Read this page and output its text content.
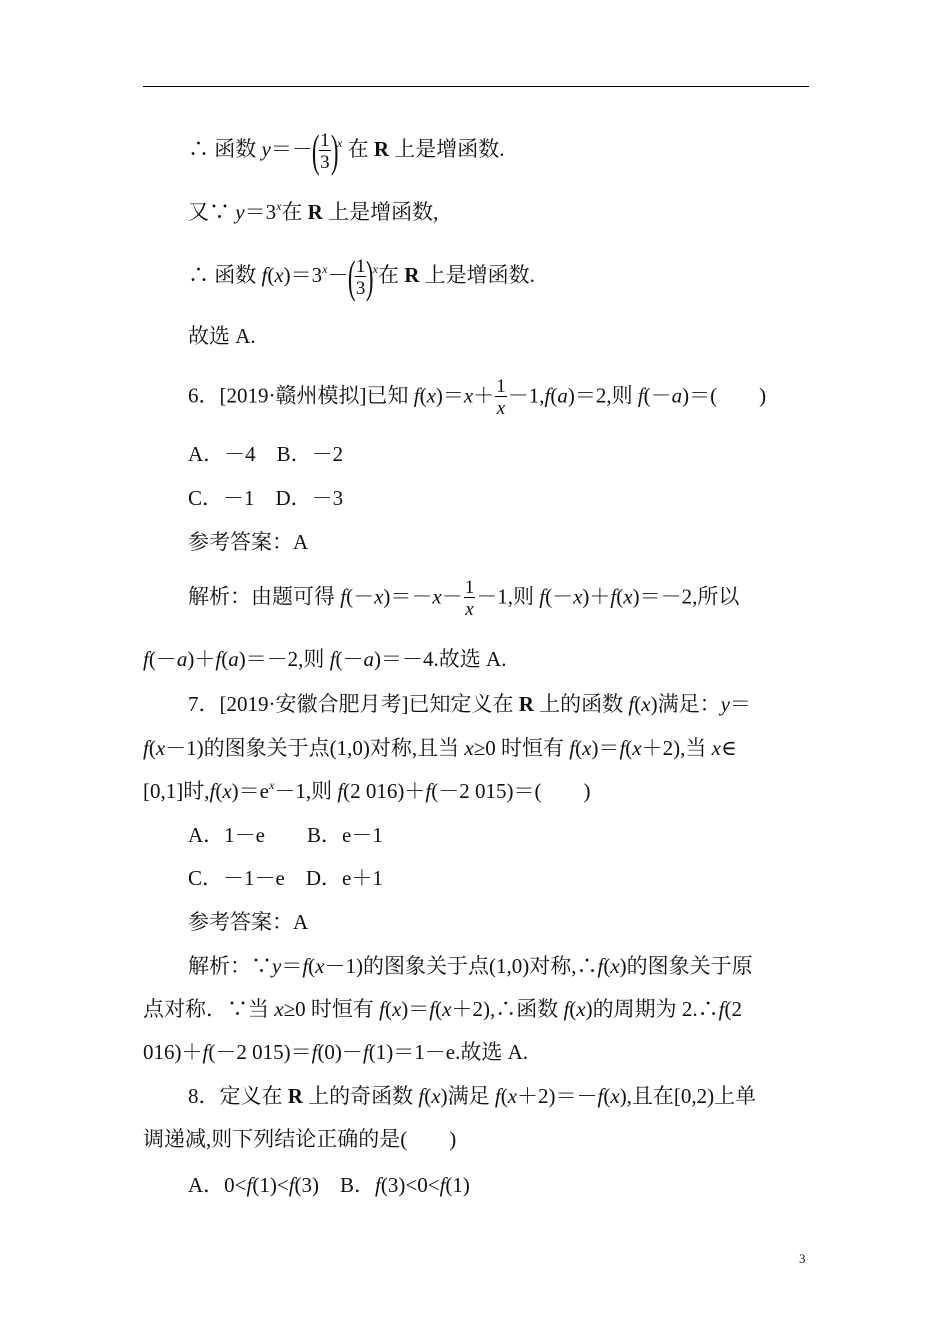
∴ 函数 $y=-( \frac{1}{3} )^x$ 在 R 上是增函数.
又∵ $y=3^x$在 R 上是增函数,
∴ 函数 $f(x)=3^x-( \frac{1}{3} )^x$在 R 上是增函数.
故选 A.
6．[2019·赣州模拟]已知 $f(x)=x+ \frac{1}{x} -1,f(a)=2$,则 f(－a)＝(　　)
A．－4　B．－2
C．－1　D．－3
参考答案：A
解析：由题可得 $f(-x)=-x- \frac{1}{x} -1$,则 f(－x)＋f(x)＝－2,所以
f(－a)＋f(a)＝－2,则 f(－a)＝－4.故选 A.
7．[2019·安徽合肥月考]已知定义在 R 上的函数 f(x)满足：y＝
f(x－1)的图象关于点(1,0)对称,且当 x≥0 时恒有 f(x)＝f(x＋2),当 x∈
[0,1]时$,f(x)=e^x-1$,则 f(2 016)＋f(－2 015)＝(　　)
A．1－e　　B．e－1
C．－1－e　D．e＋1
参考答案：A
解析：∵y＝f(x－1)的图象关于点(1,0)对称,∴f(x)的图象关于原
点对称．∵当 x≥0 时恒有 f(x)＝f(x＋2),∴函数 f(x)的周期为 2.∴f(2
016)＋f(－2 015)＝f(0)－f(1)＝1－e.故选 A.
8．定义在 R 上的奇函数 f(x)满足 f(x＋2)＝－f(x),且在[0,2)上单
调递减,则下列结论正确的是(　　)
A．0<f(1)<f(3)　B．f(3)<0<f(1)
3
